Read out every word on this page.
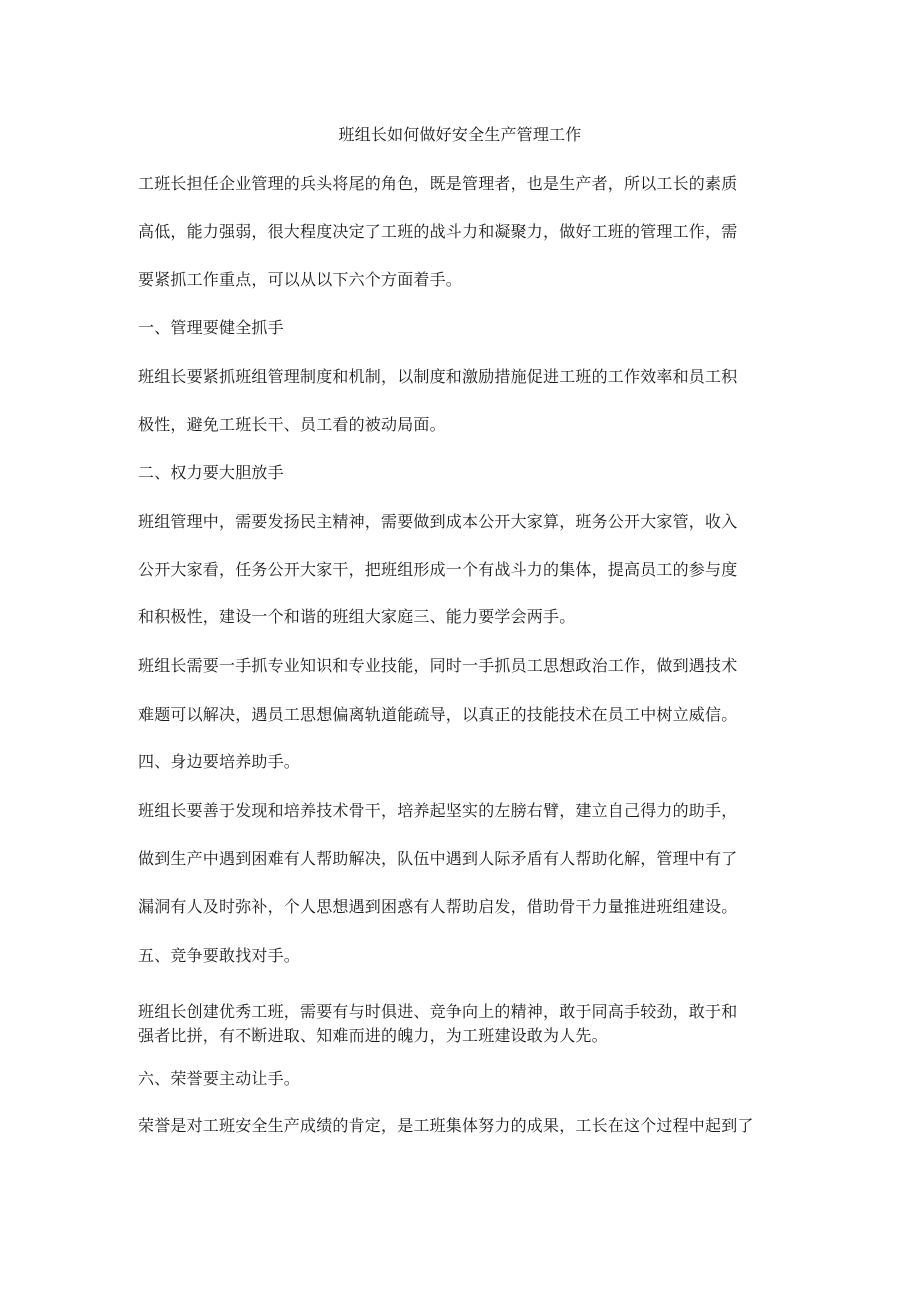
班组长如何做好安全生产管理工作
工班长担任企业管理的兵头将尾的角色，既是管理者，也是生产者，所以工长的素质
高低，能力强弱，很大程度决定了工班的战斗力和凝聚力，做好工班的管理工作，需
要紧抓工作重点，可以从以下六个方面着手。
一、管理要健全抓手
班组长要紧抓班组管理制度和机制，以制度和激励措施促进工班的工作效率和员工积
极性，避免工班长干、员工看的被动局面。
二、权力要大胆放手
班组管理中，需要发扬民主精神，需要做到成本公开大家算，班务公开大家管，收入
公开大家看，任务公开大家干，把班组形成一个有战斗力的集体，提高员工的参与度
和积极性，建设一个和谐的班组大家庭三、能力要学会两手。
班组长需要一手抓专业知识和专业技能，同时一手抓员工思想政治工作，做到遇技术
难题可以解决，遇员工思想偏离轨道能疏导，以真正的技能技术在员工中树立威信。
四、身边要培养助手。
班组长要善于发现和培养技术骨干，培养起坚实的左膀右臂，建立自己得力的助手，
做到生产中遇到困难有人帮助解决，队伍中遇到人际矛盾有人帮助化解，管理中有了
漏洞有人及时弥补，个人思想遇到困惑有人帮助启发，借助骨干力量推进班组建设。
五、竞争要敢找对手。
班组长创建优秀工班，需要有与时俱进、竞争向上的精神，敢于同高手较劲，敢于和
强者比拼，有不断进取、知难而进的魄力，为工班建设敢为人先。
六、荣誉要主动让手。
荣誉是对工班安全生产成绩的肯定，是工班集体努力的成果，工长在这个过程中起到了
